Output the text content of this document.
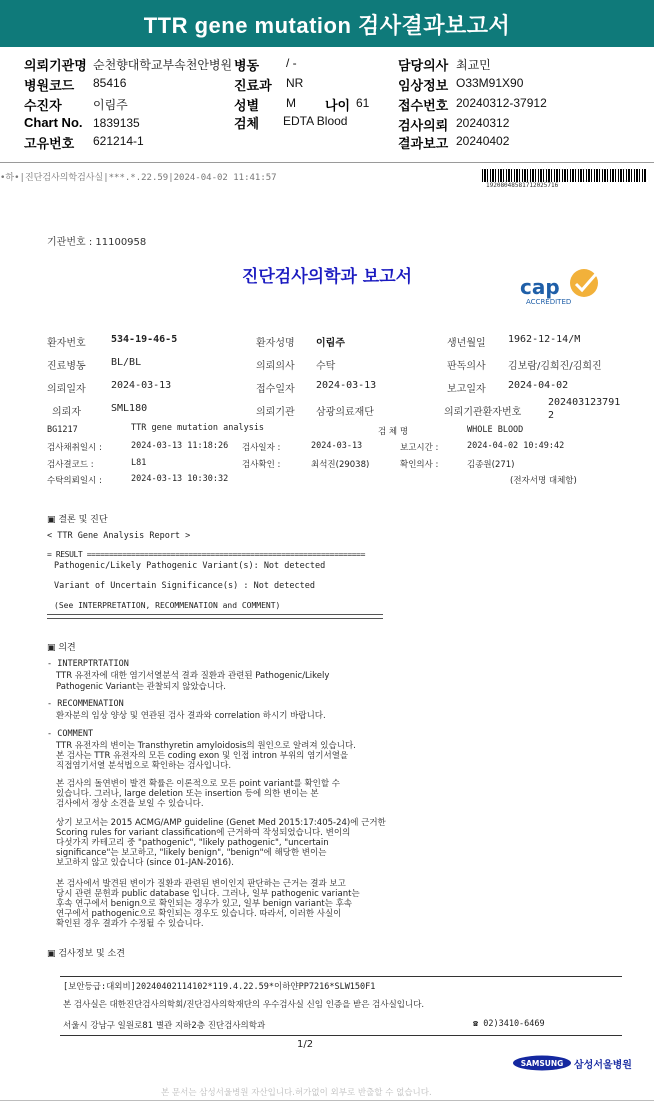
TTR gene mutation 검사결과보고서
의뢰기관명 순천향대학교부속천안병원 병동 / -	담당의사 최교민
병원코드 85416	진료과 NR	임상정보 O33M91X90
수진자	이림주	성별 M 나이 61 접수번호 20240312-37912
Chart No. 1839135	검체 EDTA Blood	검사의뢰 20240312
고유번호 621214-1	결과보고 20240402
•하•|진단검사의학검사실|***.*.22.59|2024-04-02 11:41:57
192080485817120257​16
기관번호 : 11100958
진단검사의학과 보고서	cap
ACCREDITED
환자번호	534-19-46-5	환자성명 이림주	생년월일 1962-12-14/M
진료병동	BL/BL	의뢰의사 수탁	판독의사 김보람/김희진/김희진
의뢰일자	2024-03-13	접수일자 2024-03-13	보고일자 2024-04-02
의뢰자	SML180	의뢰기관 삼광의료재단	의뢰기관환자번호
202403123791
2
BG1217	TTR gene mutation analysis	검 체 명	WHOLE BLOOD
검사채취일시 :	2024-03-13 11:18:26 검사일자 :	2024-03-13	보고시간 :	2024-04-02 10:49:42
검사결코드 :	L81	검사확인 :	최석진(29038)	확인의사 :	김종원(271)
수탁의뢰일시 :	2024-03-13 10:30:32	(전자서명 대체함)
▣ 결론 및 진단
< TTR Gene Analysis Report >
= RESULT ===============================================================
Pathogenic/Likely Pathogenic Variant(s): Not detected
Variant of Uncertain Significance(s) : Not detected
(See INTERPRETATION, RECOMMENATION and COMMENT)
▣ 의견
- INTERPTRTATION
TTR 유전자에 대한 염기서열분석 결과 질환과 관련된 Pathogenic/Likely
Pathogenic Variant는 관찰되지 않았습니다.
- RECOMMENATION
환자분의 임상 양상 및 연관된 검사 결과와 correlation 하시기 바랍니다.
- COMMENT
TTR 유전자의 변이는 Transthyretin amyloidosis의 원인으로 알려져 있습니다.
본 검사는 TTR 유전자의 모든 coding exon 및 인접 intron 부위의 염기서열을
직접염기서열 분석법으로 확인하는 검사입니다.
본 검사의 돌연변이 발견 확률은 이론적으로 모든 point variant를 확인할 수
있습니다. 그러나, large deletion 또는 insertion 등에 의한 변이는 본
검사에서 정상 소견을 보일 수 있습니다.
상기 보고서는 2015 ACMG/AMP guideline (Genet Med 2015:17:405-24)에 근거한
Scoring rules for variant classification에 근거하여 작성되었습니다. 변이의
다섯가지 카테고리 중 "pathogenic", "likely pathogenic", "uncertain
significance"는 보고하고, "likely benign", "benign"에 해당한 변이는
보고하지 않고 있습니다 (since 01-JAN-2016).
본 검사에서 발견된 변이가 질환과 관련된 변이인지 판단하는 근거는 결과 보고
당시 관련 문헌과 public database 입니다. 그러나, 일부 pathogenic variant는
후속 연구에서 benign으로 확인되는 경우가 있고, 일부 benign variant는 후속
연구에서 pathogenic으로 확인되는 경우도 있습니다. 따라서, 이러한 사실이
확인된 경우 결과가 수정될 수 있습니다.
▣ 검사정보 및 소견
[보안등급:대외비]20240402114102*119.4.22.59*이하얀PP7216*SLW150F1
본 검사실은 대한진단검사의학회/진단검사의학재단의 우수검사실 신임 인증을 받은 검사실입니다.
서울시 강남구 일원로81 별관 지하2층 진단검사의학과	☎ 02)3410-6469
1/2
SAMSUNG 삼성서울병원
본 문서는 삼성서울병원 자산입니다.허가없이 외부로 반출할 수 없습니다.
